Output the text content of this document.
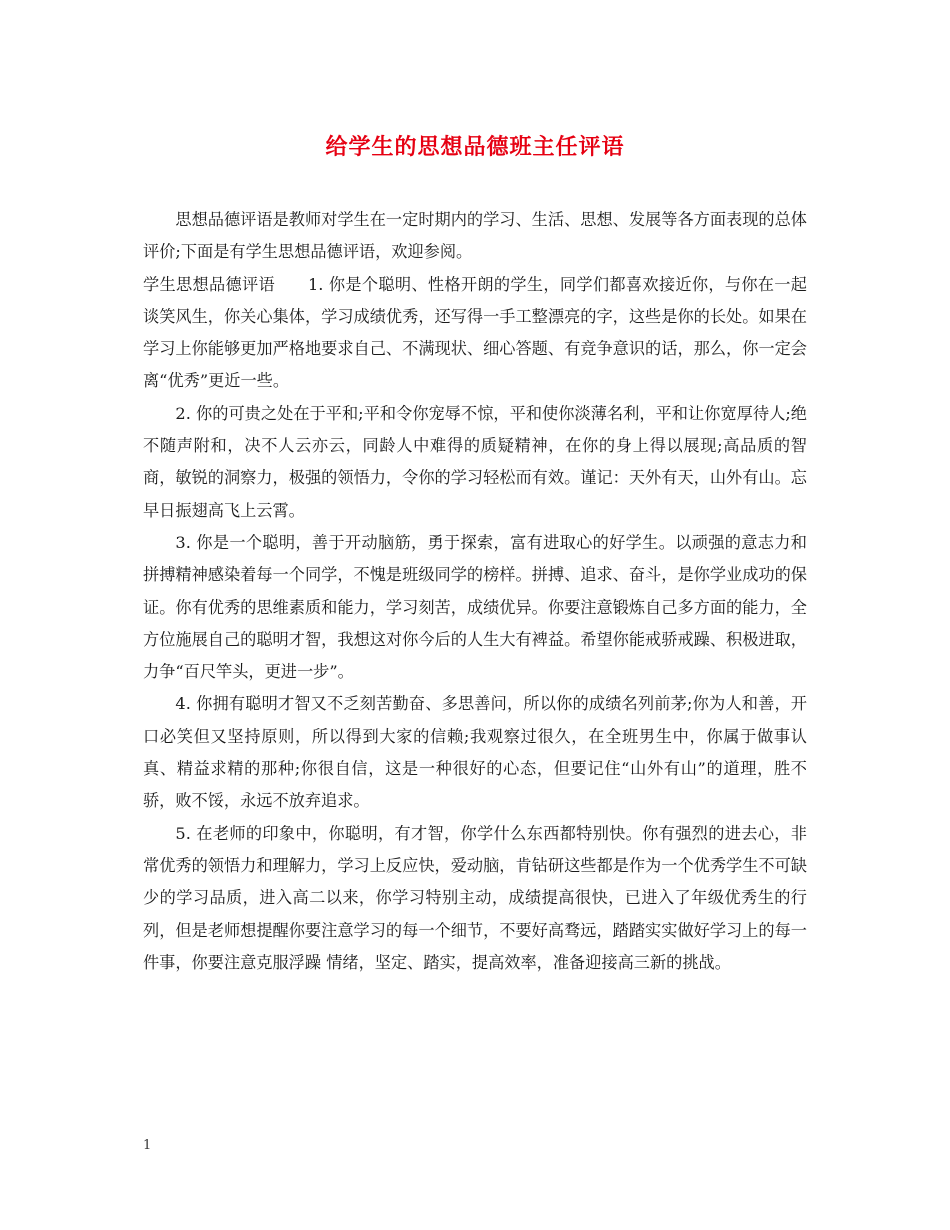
给学生的思想品德班主任评语

思想品德评语是教师对学生在一定时期内的学习、生活、思想、发展等各方面表现的总体评价;下面是有学生思想品德评语，欢迎参阅。

学生思想品德评语　　1. 你是个聪明、性格开朗的学生，同学们都喜欢接近你，与你在一起谈笑风生，你关心集体，学习成绩优秀，还写得一手工整漂亮的字，这些是你的长处。如果在学习上你能够更加严格地要求自己、不满现状、细心答题、有竞争意识的话，那么，你一定会离“优秀”更近一些。

2. 你的可贵之处在于平和;平和令你宠辱不惊，平和使你淡薄名利，平和让你宽厚待人;绝不随声附和，决不人云亦云，同龄人中难得的质疑精神，在你的身上得以展现;高品质的智商，敏锐的洞察力，极强的领悟力，令你的学习轻松而有效。谨记：天外有天，山外有山。忘早日振翅高飞上云霄。

3. 你是一个聪明，善于开动脑筋，勇于探索，富有进取心的好学生。以顽强的意志力和拼搏精神感染着每一个同学，不愧是班级同学的榜样。拼搏、追求、奋斗，是你学业成功的保证。你有优秀的思维素质和能力，学习刻苦，成绩优异。你要注意锻炼自己多方面的能力，全方位施展自己的聪明才智，我想这对你今后的人生大有裨益。希望你能戒骄戒躁、积极进取，力争“百尺竿头，更进一步”。

4. 你拥有聪明才智又不乏刻苦勤奋、多思善问，所以你的成绩名列前茅;你为人和善，开口必笑但又坚持原则，所以得到大家的信赖;我观察过很久，在全班男生中，你属于做事认真、精益求精的那种;你很自信，这是一种很好的心态，但要记住“山外有山”的道理，胜不骄，败不馁，永远不放弃追求。

5. 在老师的印象中，你聪明，有才智，你学什么东西都特别快。你有强烈的进去心，非常优秀的领悟力和理解力，学习上反应快，爱动脑，肯钻研这些都是作为一个优秀学生不可缺少的学习品质，进入高二以来，你学习特别主动，成绩提高很快，已进入了年级优秀生的行列，但是老师想提醒你要注意学习的每一个细节，不要好高骛远，踏踏实实做好学习上的每一件事，你要注意克服浮躁 情绪，坚定、踏实，提高效率，准备迎接高三新的挑战。

1
